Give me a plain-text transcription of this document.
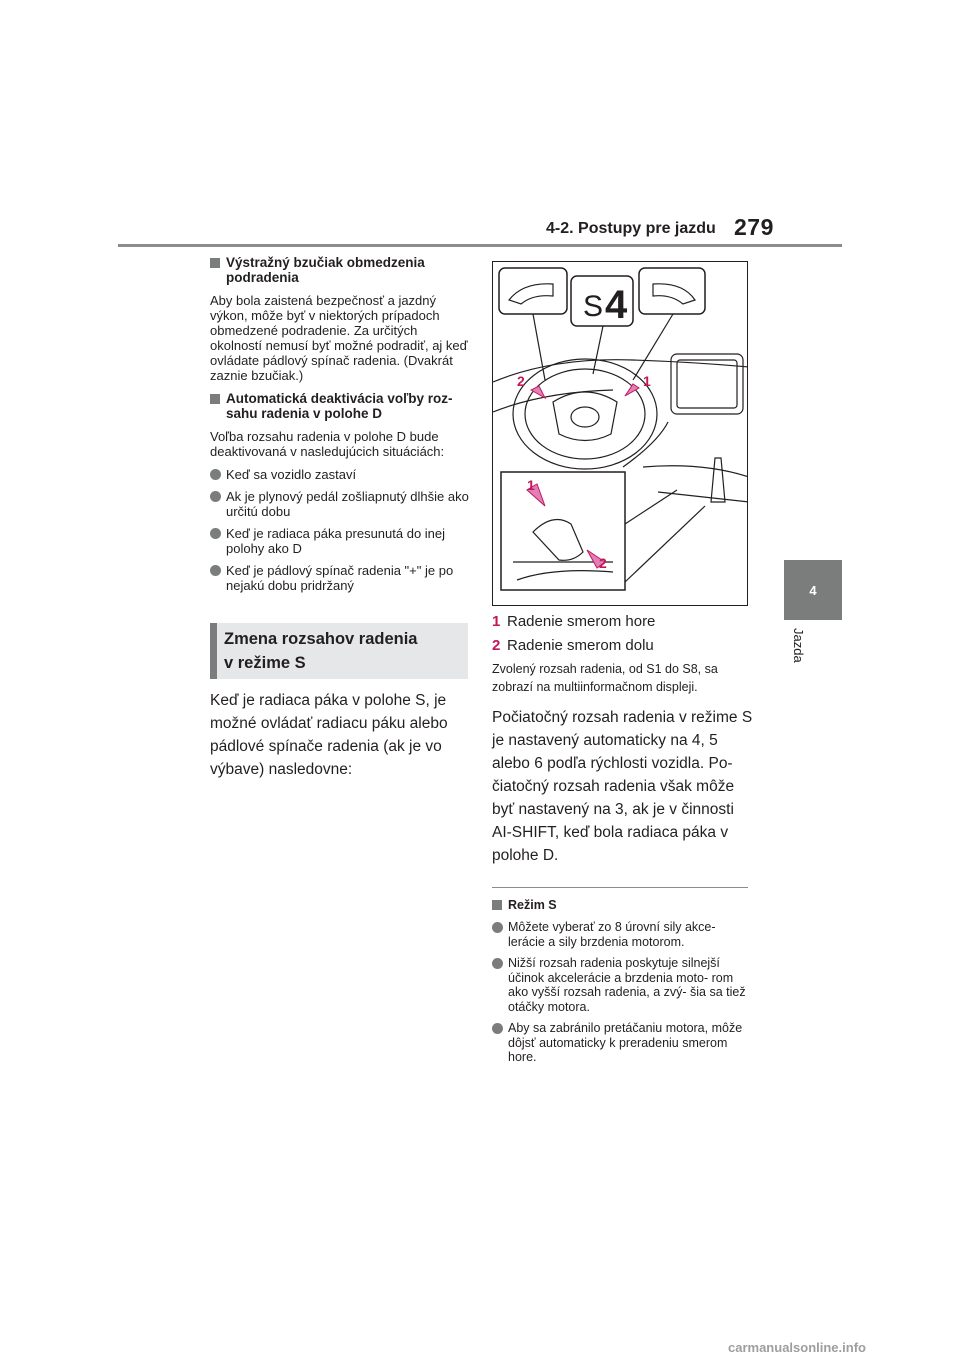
4-2. Postupy pre jazdu 279
4
Jazda
Výstražný bzučiak obmedzenia podradenia

Aby bola zaistená bezpečnosť a jazdný výkon, môže byť v niektorých prípadoch obmedzené podradenie. Za určitých okolností nemusí byť možné podradiť, aj keď ovládate pádlový spínač radenia. (Dvakrát zaznie bzučiak.)

Automatická deaktivácia voľby roz- sahu radenia v polohe D

Voľba rozsahu radenia v polohe D bude deaktivovaná v nasledujúcich situáciách:

Keď sa vozidlo zastaví
Ak je plynový pedál zošliapnutý dlhšie ako určitú dobu
Keď je radiaca páka presunutá do inej polohy ako D
Keď je pádlový spínač radenia "+" je po nejakú dobu pridržaný
Zmena rozsahov radenia
v režime S

Keď je radiaca páka v polohe S, je možné ovládať radiacu páku alebo pádlové spínače radenia (ak je vo výbave) nasledovne:

S 4
2	1
1
2
1 Radenie smerom hore
2 Radenie smerom dolu

Zvolený rozsah radenia, od S1 do S8, sa zobrazí na multiinformačnom displeji.

Počiatočný rozsah radenia v režime S je nastavený automaticky na 4, 5 alebo 6 podľa rýchlosti vozidla. Po- čiatočný rozsah radenia však môže byť nastavený na 3, ak je v činnosti AI-SHIFT, keď bola radiaca páka v polohe D.

Režim S
Môžete vyberať zo 8 úrovní sily akce- lerácie a sily brzdenia motorom.
Nižší rozsah radenia poskytuje silnejší účinok akcelerácie a brzdenia moto- rom ako vyšší rozsah radenia, a zvý- šia sa tiež otáčky motora.
Aby sa zabránilo pretáčaniu motora, môže dôjsť automaticky k preradeniu smerom hore.
carmanualsonline.info
